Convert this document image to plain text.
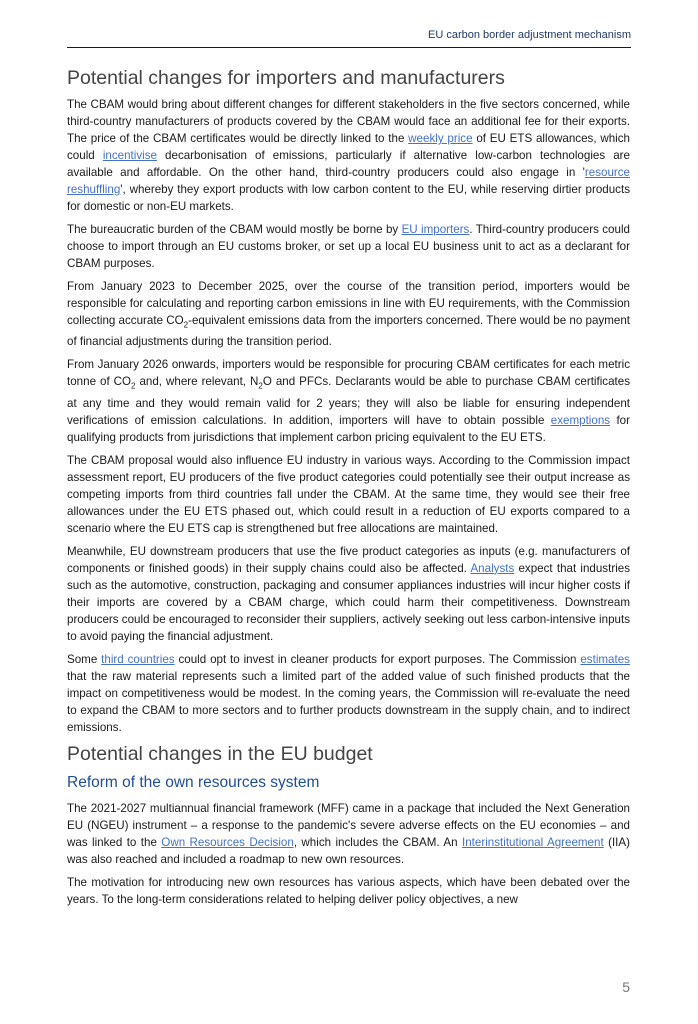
EU carbon border adjustment mechanism
Potential changes for importers and manufacturers

The CBAM would bring about different changes for different stakeholders in the five sectors concerned, while third-country manufacturers of products covered by the CBAM would face an additional fee for their exports. The price of the CBAM certificates would be directly linked to the weekly price of EU ETS allowances, which could incentivise decarbonisation of emissions, particularly if alternative low-carbon technologies are available and affordable. On the other hand, third-country producers could also engage in 'resource reshuffling', whereby they export products with low carbon content to the EU, while reserving dirtier products for domestic or non-EU markets.

The bureaucratic burden of the CBAM would mostly be borne by EU importers. Third-country producers could choose to import through an EU customs broker, or set up a local EU business unit to act as a declarant for CBAM purposes.

From January 2023 to December 2025, over the course of the transition period, importers would be responsible for calculating and reporting carbon emissions in line with EU requirements, with the Commission collecting accurate $CO_2$-equivalent emissions data from the importers concerned. There would be no payment of financial adjustments during the transition period.

From January 2026 onwards, importers would be responsible for procuring CBAM certificates for each metric tonne of $CO_2$ and, where relevant, $N_2O$ and PFCs. Declarants would be able to purchase CBAM certificates at any time and they would remain valid for 2 years; they will also be liable for ensuring independent verifications of emission calculations. In addition, importers will have to obtain possible exemptions for qualifying products from jurisdictions that implement carbon pricing equivalent to the EU ETS.

The CBAM proposal would also influence EU industry in various ways. According to the Commission impact assessment report, EU producers of the five product categories could potentially see their output increase as competing imports from third countries fall under the CBAM. At the same time, they would see their free allowances under the EU ETS phased out, which could result in a reduction of EU exports compared to a scenario where the EU ETS cap is strengthened but free allocations are maintained.

Meanwhile, EU downstream producers that use the five product categories as inputs (e.g. manufacturers of components or finished goods) in their supply chains could also be affected. Analysts expect that industries such as the automotive, construction, packaging and consumer appliances industries will incur higher costs if their imports are covered by a CBAM charge, which could harm their competitiveness. Downstream producers could be encouraged to reconsider their suppliers, actively seeking out less carbon-intensive inputs to avoid paying the financial adjustment.

Some third countries could opt to invest in cleaner products for export purposes. The Commission estimates that the raw material represents such a limited part of the added value of such finished products that the impact on competitiveness would be modest. In the coming years, the Commission will re-evaluate the need to expand the CBAM to more sectors and to further products downstream in the supply chain, and to indirect emissions.

Potential changes in the EU budget
Reform of the own resources system

The 2021-2027 multiannual financial framework (MFF) came in a package that included the Next Generation EU (NGEU) instrument – a response to the pandemic's severe adverse effects on the EU economies – and was linked to the Own Resources Decision, which includes the CBAM. An Interinstitutional Agreement (IIA) was also reached and included a roadmap to new own resources.

The motivation for introducing new own resources has various aspects, which have been debated over the years. To the long-term considerations related to helping deliver policy objectives, a new

5
